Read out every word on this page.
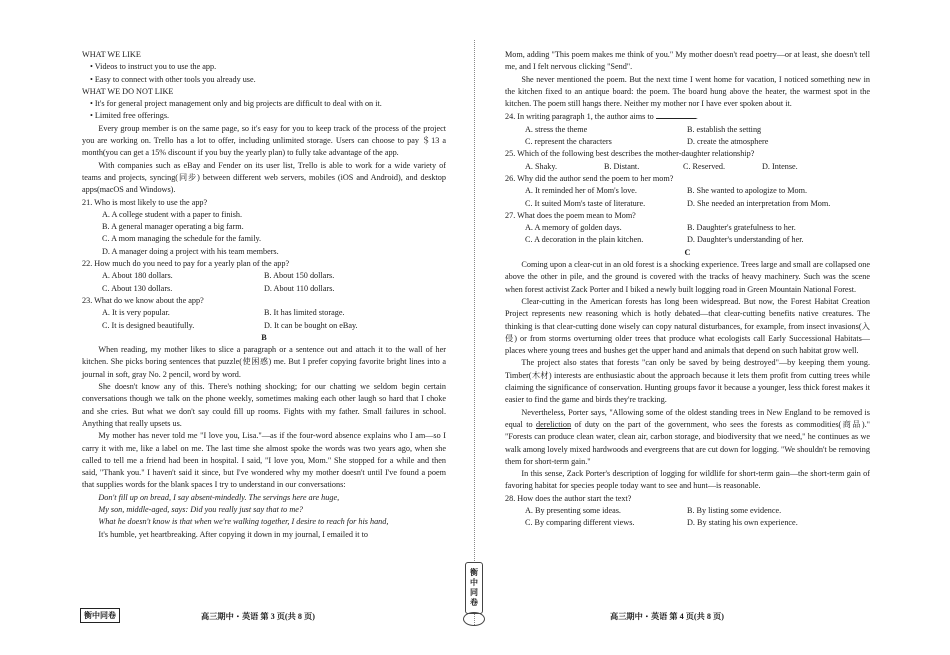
WHAT WE LIKE

• Videos to instruct you to use the app.

• Easy to connect with other tools you already use.

WHAT WE DO NOT LIKE

• It's for general project management only and big projects are difficult to deal with on it.

• Limited free offerings.

Every group member is on the same page, so it's easy for you to keep track of the process of the project you are working on. Trello has a lot to offer, including unlimited storage. Users can choose to pay ＄13 a month(you can get a 15% discount if you buy the yearly plan) to fully take advantage of the app.

With companies such as eBay and Fender on its user list, Trello is able to work for a wide variety of teams and projects, syncing(同步) between different web servers, mobiles (iOS and Android), and desktop apps(macOS and Windows).

21. Who is most likely to use the app?

A. A college student with a paper to finish.

B. A general manager operating a big farm.

C. A mom managing the schedule for the family.

D. A manager doing a project with his team members.

22. How much do you need to pay for a yearly plan of the app?

A. About 180 dollars.	B. About 150 dollars.
C. About 130 dollars.	D. About 110 dollars.

23. What do we know about the app?

A. It is very popular.	B. It has limited storage.
C. It is designed beautifully.	D. It can be bought on eBay.

B

When reading, my mother likes to slice a paragraph or a sentence out and attach it to the wall of her kitchen. She picks boring sentences that puzzle(使困惑) me. But I prefer copying favorite bright lines into a journal in soft, gray No. 2 pencil, word by word.

She doesn't know any of this. There's nothing shocking; for our chatting we seldom begin certain conversations though we talk on the phone weekly, sometimes making each other laugh so hard that I choke and she cries. But what we don't say could fill up rooms. Fights with my father. Small failures in school. Anything that really upsets us.

My mother has never told me "I love you, Lisa."—as if the four-word absence explains who I am—so I carry it with me, like a label on me. The last time she almost spoke the words was two years ago, when she called to tell me a friend had been in hospital. I said, "I love you, Mom." She stopped for a while and then said, "Thank you." I haven't said it since, but I've wondered why my mother doesn't until I've found a poem that supplies words for the blank spaces I try to understand in our conversations:

Don't fill up on bread, I say absent-mindedly. The servings here are huge,

My son, middle-aged, says: Did you really just say that to me?

What he doesn't know is that when we're walking together, I desire to reach for his hand,

It's humble, yet heartbreaking. After copying it down in my journal, I emailed it to

Mom, adding "This poem makes me think of you." My mother doesn't read poetry—or at least, she doesn't tell me, and I felt nervous clicking "Send".

She never mentioned the poem. But the next time I went home for vacation, I noticed something new in the kitchen fixed to an antique board: the poem. The board hung above the heater, the warmest spot in the kitchen. The poem still hangs there. Neither my mother nor I have ever spoken about it.

24. In writing paragraph 1, the author aims to	.

A. stress the theme	B. establish the setting
C. represent the characters	D. create the atmosphere

25. Which of the following best describes the mother-daughter relationship?

A. Shaky.	B. Distant.	C. Reserved.	D. Intense.

26. Why did the author send the poem to her mom?

A. It reminded her of Mom's love.	B. She wanted to apologize to Mom.
C. It suited Mom's taste of literature.	D. She needed an interpretation from Mom.

27. What does the poem mean to Mom?

A. A memory of golden days.	B. Daughter's gratefulness to her.
C. A decoration in the plain kitchen.	D. Daughter's understanding of her.

C

Coming upon a clear-cut in an old forest is a shocking experience. Trees large and small are collapsed one above the other in pile, and the ground is covered with the tracks of heavy machinery. Such was the scene when forest activist Zack Porter and I biked a newly built logging road in Green Mountain National Forest.

Clear-cutting in the American forests has long been widespread. But now, the Forest Habitat Creation Project represents new reasoning which is hotly debated—that clear-cutting benefits native creatures. The thinking is that clear-cutting done wisely can copy natural disturbances, for example, from insect invasions(入侵) or from storms overturning older trees that produce what ecologists call Early Successional Habitats—places where young trees and bushes get the upper hand and animals that depend on such habitat grow well.

The project also states that forests "can only be saved by being destroyed"—by keeping them young. Timber(木材) interests are enthusiastic about the approach because it lets them profit from cutting trees while claiming the significance of conservation. Hunting groups favor it because a younger, less thick forest makes it easier to find the game and birds they're tracking.

Nevertheless, Porter says, "Allowing some of the oldest standing trees in New England to be removed is equal to dereliction of duty on the part of the government, who sees the forests as commodities(商品)." "Forests can produce clean water, clean air, carbon storage, and biodiversity that we need," he continues as we walk among lovely mixed hardwoods and evergreens that are cut down for logging. "We shouldn't be removing them for short-term gain."

In this sense, Zack Porter's description of logging for wildlife for short-term gain—the short-term gain of favoring habitat for species people today want to see and hunt—is reasonable.

28. How does the author start the text?

A. By presenting some ideas.	B. By listing some evidence.
C. By comparing different views.	D. By stating his own experience.
衡
中
同
卷
衡中同卷	高三期中・英语 第 3 页(共 8 页)	高三期中・英语 第 4 页(共 8 页)
